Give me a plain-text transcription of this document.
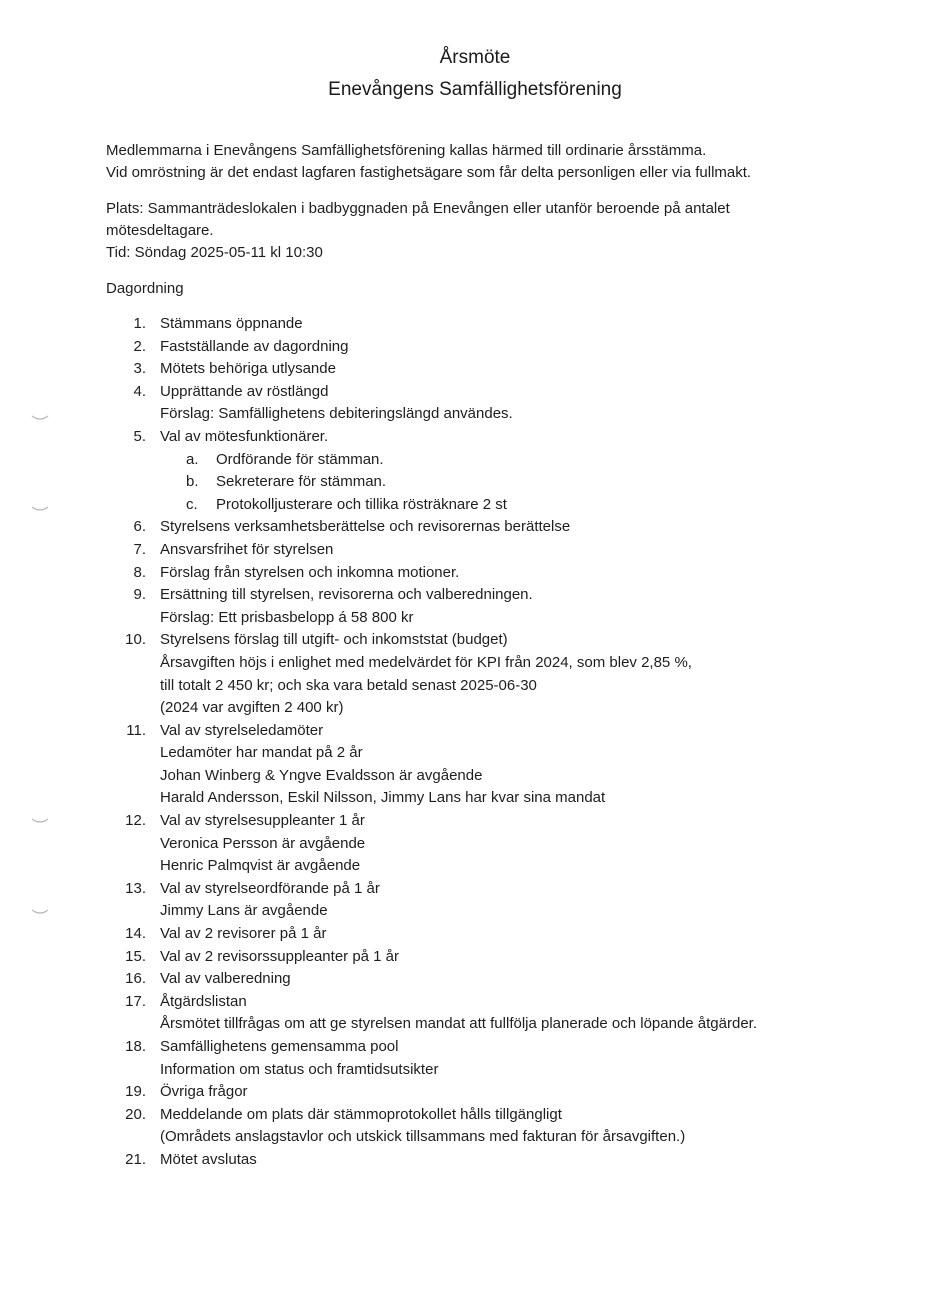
Årsmöte
Enevångens Samfällighetsförening
Medlemmarna i Enevångens Samfällighetsförening kallas härmed till ordinarie årsstämma.
Vid omröstning är det endast lagfaren fastighetsägare som får delta personligen eller via fullmakt.
Plats: Sammanträdeslokalen i badbyggnaden på Enevången eller utanför beroende på antalet
mötesdeltagare.
Tid: Söndag 2025-05-11 kl 10:30
Dagordning
1. Stämmans öppnande
2. Fastställande av dagordning
3. Mötets behöriga utlysande
4. Upprättande av röstlängd
Förslag: Samfällighetens debiteringslängd användes.
5. Val av mötesfunktionärer.
a.	Ordförande för stämman.
b.	Sekreterare för stämman.
c.	Protokolljusterare och tillika rösträknare 2 st
6. Styrelsens verksamhetsberättelse och revisorernas berättelse
7. Ansvarsfrihet för styrelsen
8. Förslag från styrelsen och inkomna motioner.
9. Ersättning till styrelsen, revisorerna och valberedningen.
Förslag: Ett prisbasbelopp á 58 800 kr
10. Styrelsens förslag till utgift- och inkomststat (budget)
Årsavgiften höjs i enlighet med medelvärdet för KPI från 2024, som blev 2,85 %,
till totalt 2 450 kr; och ska vara betald senast 2025-06-30
(2024 var avgiften 2 400 kr)
11. Val av styrelseledamöter
Ledamöter har mandat på 2 år
Johan Winberg & Yngve Evaldsson är avgående
Harald Andersson, Eskil Nilsson, Jimmy Lans har kvar sina mandat
12. Val av styrelsesuppleanter 1 år
Veronica Persson är avgående
Henric Palmqvist är avgående
13. Val av styrelseordförande på 1 år
Jimmy Lans är avgående
14. Val av 2 revisorer på 1 år
15. Val av 2 revisorssuppleanter på 1 år
16. Val av valberedning
17. Åtgärdslistan
Årsmötet tillfrågas om att ge styrelsen mandat att fullfölja planerade och löpande åtgärder.
18. Samfällighetens gemensamma pool
Information om status och framtidsutsikter
19. Övriga frågor
20. Meddelande om plats där stämmoprotokollet hålls tillgängligt
(Områdets anslagstavlor och utskick tillsammans med fakturan för årsavgiften.)
21. Mötet avslutas
